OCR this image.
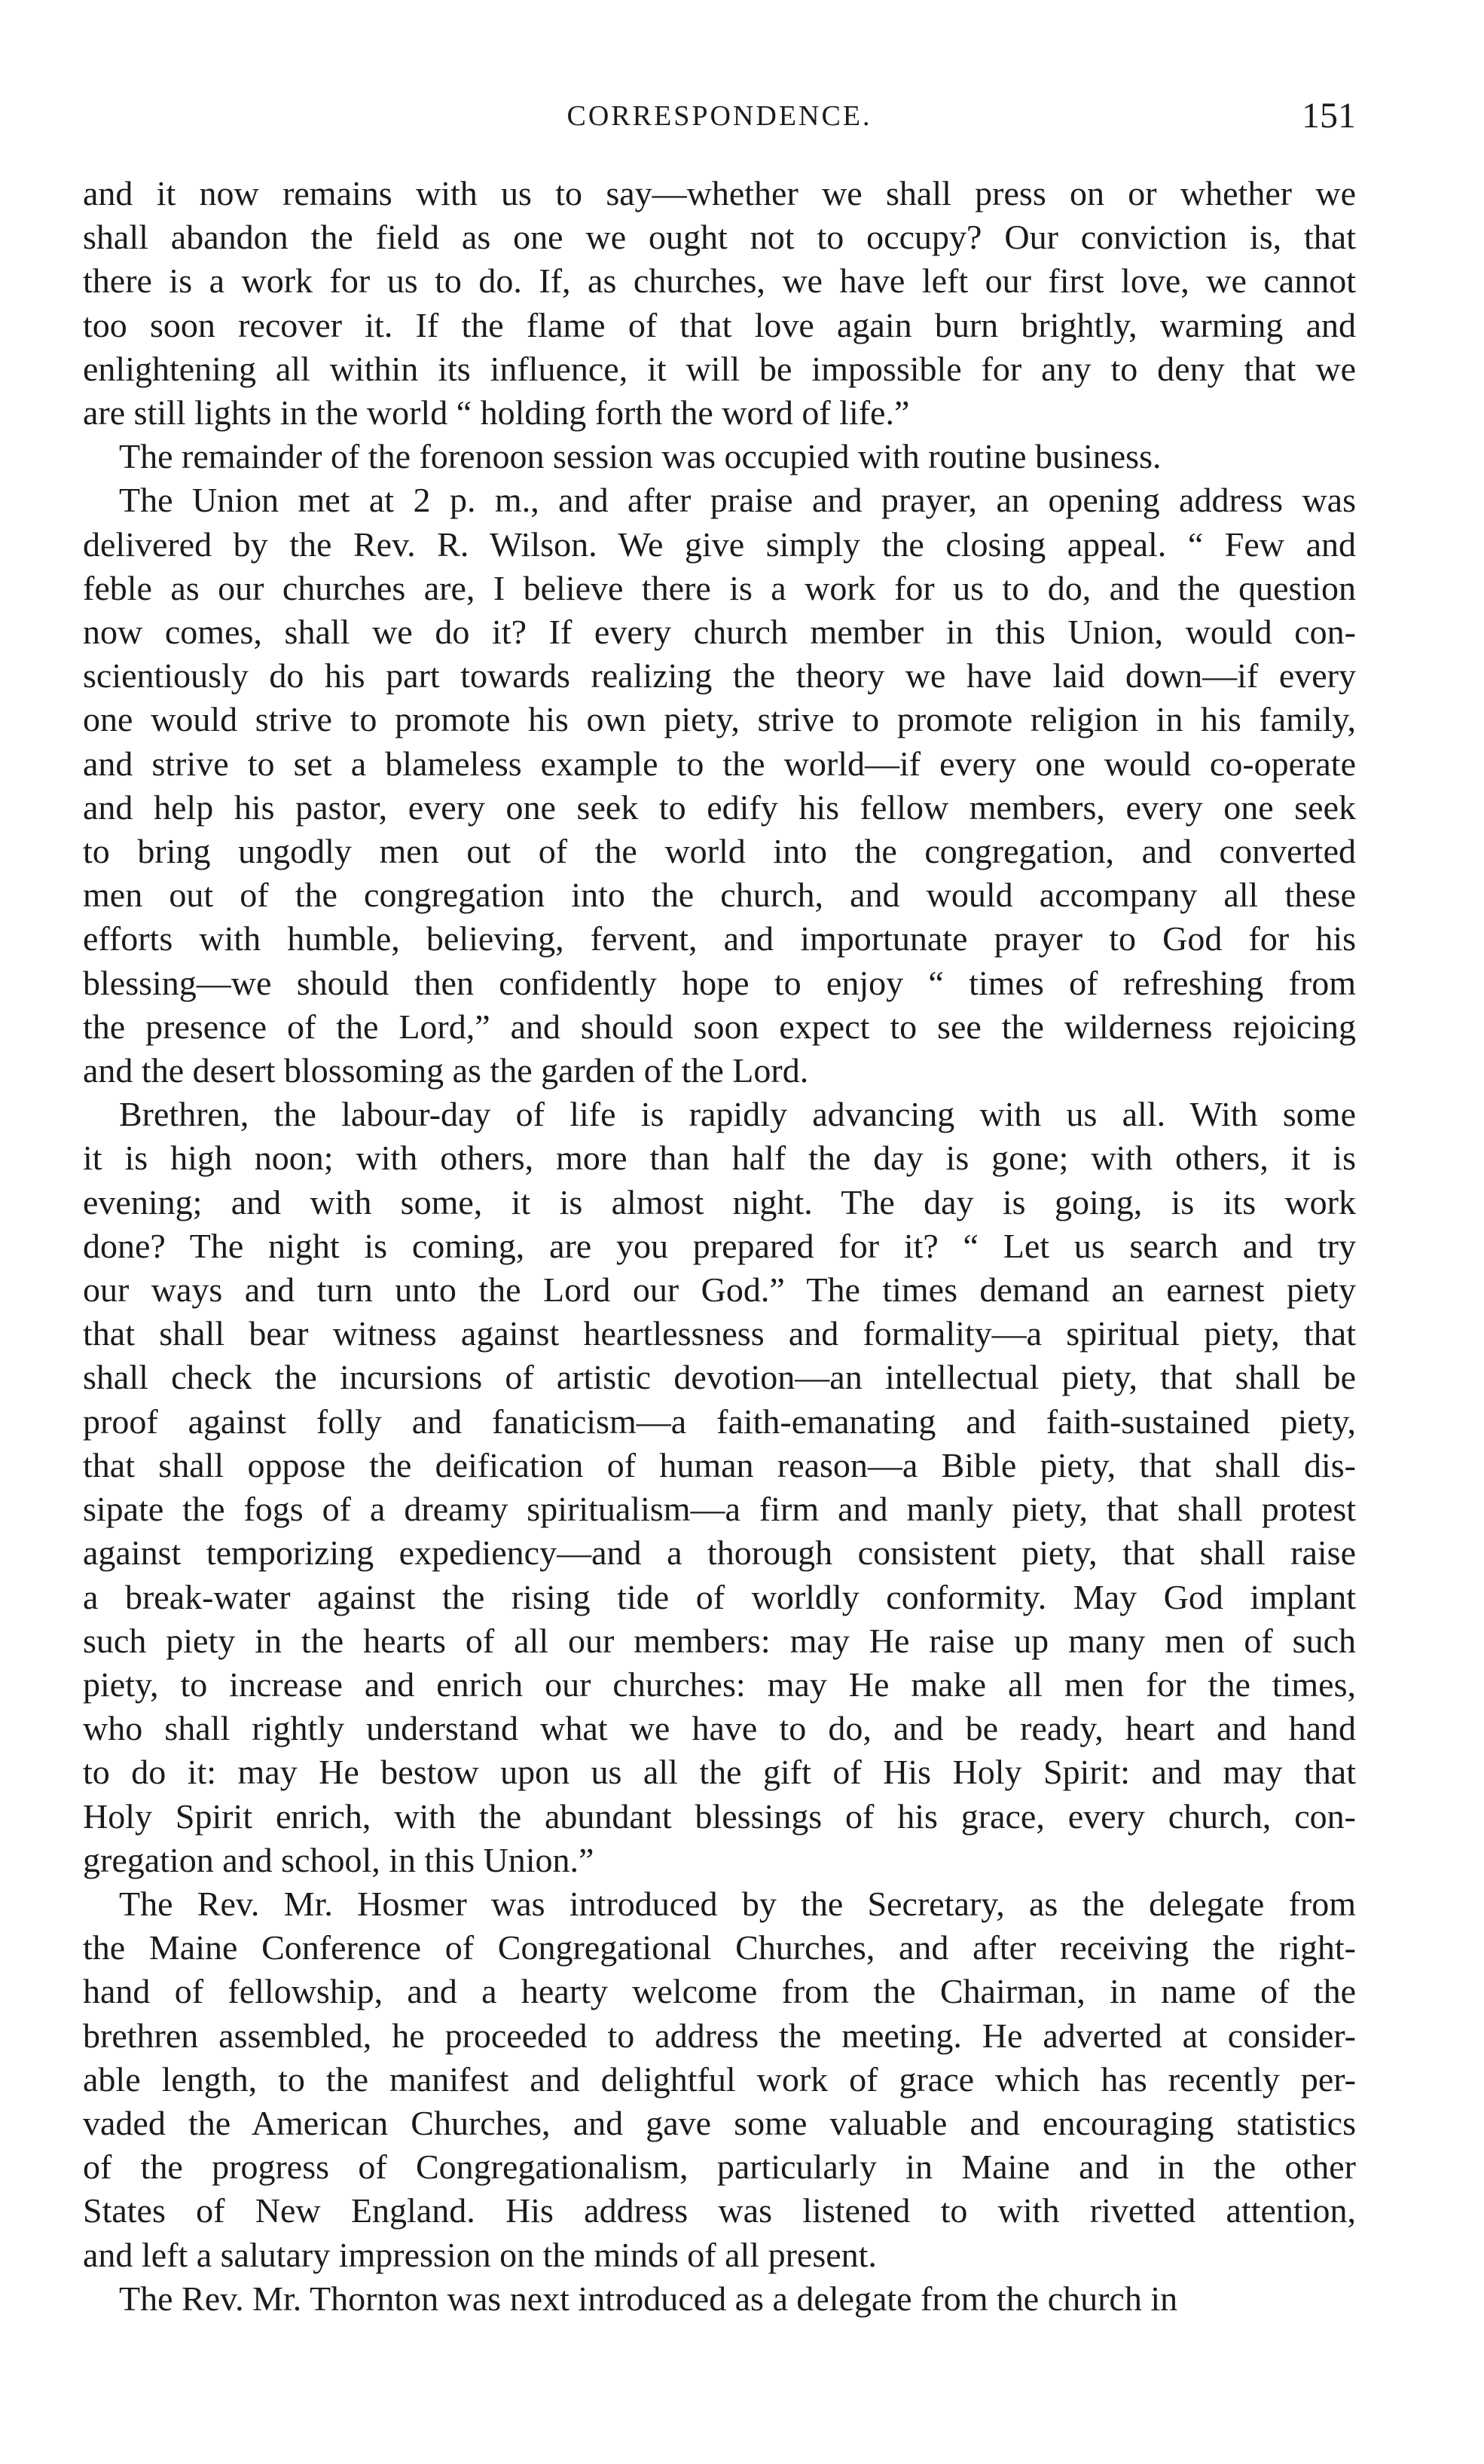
CORRESPONDENCE.	151

and it now remains with us to say—whether we shall press on or whether we
shall abandon the field as one we ought not to occupy? Our conviction is, that
there is a work for us to do. If, as churches, we have left our first love, we cannot
too soon recover it. If the flame of that love again burn brightly, warming and
enlightening all within its influence, it will be impossible for any to deny that we
are still lights in the world “ holding forth the word of life.”

The remainder of the forenoon session was occupied with routine business.

The Union met at 2 p. m., and after praise and prayer, an opening address was
delivered by the Rev. R. Wilson. We give simply the closing appeal. “ Few and
feble as our churches are, I believe there is a work for us to do, and the question
now comes, shall we do it? If every church member in this Union, would con-
scientiously do his part towards realizing the theory we have laid down—if every
one would strive to promote his own piety, strive to promote religion in his family,
and strive to set a blameless example to the world—if every one would co-operate
and help his pastor, every one seek to edify his fellow members, every one seek
to bring ungodly men out of the world into the congregation, and converted
men out of the congregation into the church, and would accompany all these
efforts with humble, believing, fervent, and importunate prayer to God for his
blessing—we should then confidently hope to enjoy “ times of refreshing from
the presence of the Lord,” and should soon expect to see the wilderness rejoicing
and the desert blossoming as the garden of the Lord.

Brethren, the labour-day of life is rapidly advancing with us all. With some
it is high noon; with others, more than half the day is gone; with others, it is
evening; and with some, it is almost night. The day is going, is its work
done? The night is coming, are you prepared for it? “ Let us search and try
our ways and turn unto the Lord our God.” The times demand an earnest piety
that shall bear witness against heartlessness and formality—a spiritual piety, that
shall check the incursions of artistic devotion—an intellectual piety, that shall be
proof against folly and fanaticism—a faith-emanating and faith-sustained piety,
that shall oppose the deification of human reason—a Bible piety, that shall dis-
sipate the fogs of a dreamy spiritualism—a firm and manly piety, that shall protest
against temporizing expediency—and a thorough consistent piety, that shall raise
a break-water against the rising tide of worldly conformity. May God implant
such piety in the hearts of all our members: may He raise up many men of such
piety, to increase and enrich our churches: may He make all men for the times,
who shall rightly understand what we have to do, and be ready, heart and hand
to do it: may He bestow upon us all the gift of His Holy Spirit: and may that
Holy Spirit enrich, with the abundant blessings of his grace, every church, con-
gregation and school, in this Union.”

The Rev. Mr. Hosmer was introduced by the Secretary, as the delegate from
the Maine Conference of Congregational Churches, and after receiving the right-
hand of fellowship, and a hearty welcome from the Chairman, in name of the
brethren assembled, he proceeded to address the meeting. He adverted at consider-
able length, to the manifest and delightful work of grace which has recently per-
vaded the American Churches, and gave some valuable and encouraging statistics
of the progress of Congregationalism, particularly in Maine and in the other
States of New England. His address was listened to with rivetted attention,
and left a salutary impression on the minds of all present.

The Rev. Mr. Thornton was next introduced as a delegate from the church in
